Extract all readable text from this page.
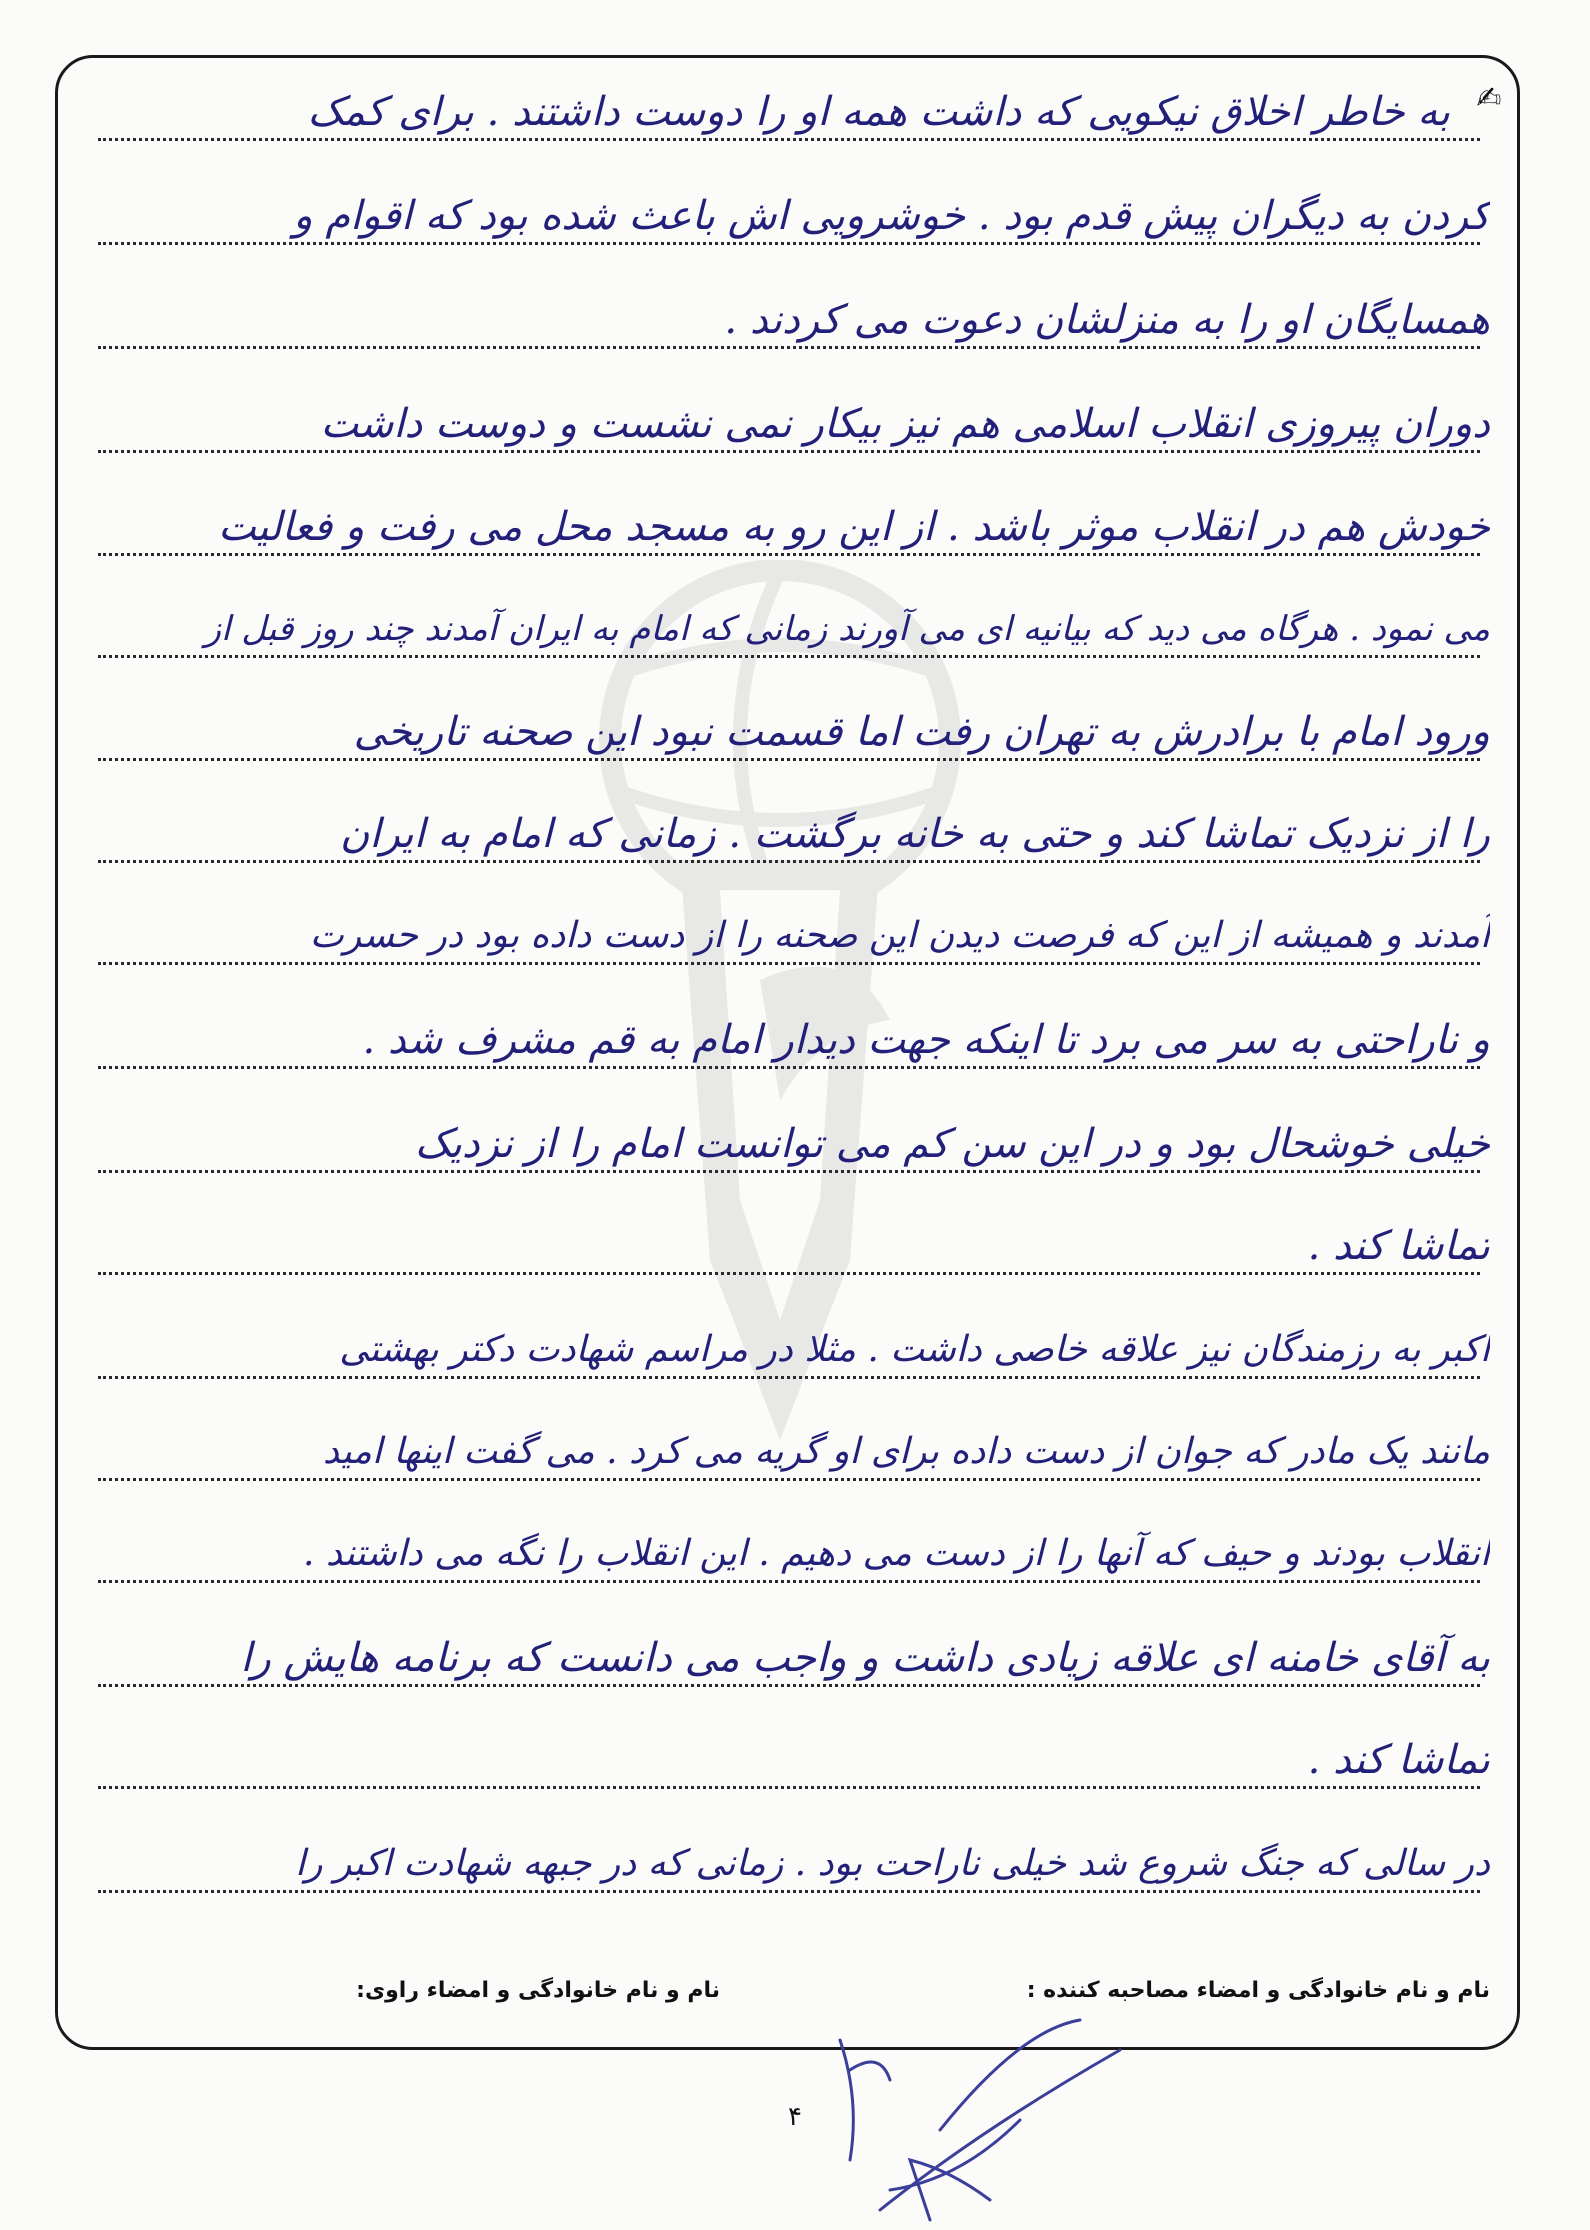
✍
به خاطر اخلاق نیکویی که داشت همه او را دوست داشتند . برای کمک
کردن به دیگران پیش قدم بود . خوشرویی اش باعث شده بود که اقوام و
همسایگان او را به منزلشان دعوت می کردند .
دوران پیروزی انقلاب اسلامی هم نیز بیکار نمی نشست و دوست داشت
خودش هم در انقلاب موثر باشد . از این رو به مسجد محل می رفت و فعالیت
می نمود . هرگاه می دید که بیانیه ای می آورند زمانی که امام به ایران آمدند چند روز قبل از
ورود امام با برادرش به تهران رفت اما قسمت نبود این صحنه تاریخی
را از نزدیک تماشا کند و حتی به خانه برگشت . زمانی که امام به ایران
آمدند و همیشه از این که فرصت دیدن این صحنه را از دست داده بود در حسرت
و ناراحتی به سر می برد تا اینکه جهت دیدار امام به قم مشرف شد .
خیلی خوشحال بود و در این سن کم می توانست امام را از نزدیک
تماشا کند .
اکبر به رزمندگان نیز علاقه خاصی داشت . مثلا در مراسم شهادت دکتر بهشتی
مانند یک مادر که جوان از دست داده برای او گریه می کرد . می گفت اینها امید
انقلاب بودند و حیف که آنها را از دست می دهیم . این انقلاب را نگه می داشتند .
به آقای خامنه ای علاقه زیادی داشت و واجب می دانست که برنامه هایش را
تماشا کند .
در سالی که جنگ شروع شد خیلی ناراحت بود . زمانی که در جبهه شهادت اکبر را
نام و نام خانوادگی و امضاء مصاحبه کننده :
نام و نام خانوادگی و امضاء راوی:
۴
